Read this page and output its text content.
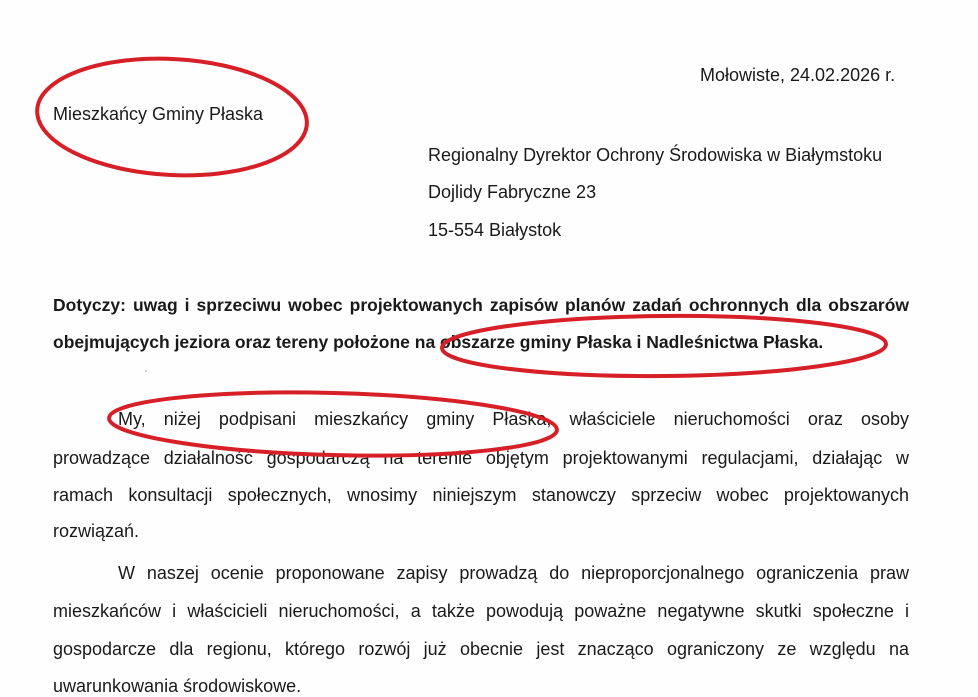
Mołowiste, 24.02.2026 r.
Mieszkańcy Gminy Płaska
Regionalny Dyrektor Ochrony Środowiska w Białymstoku
Dojlidy Fabryczne 23
15-554 Białystok
Dotyczy: uwag i sprzeciwu wobec projektowanych zapisów planów zadań ochronnych dla obszarów
obejmujących jeziora oraz tereny położone na obszarze gminy Płaska i Nadleśnictwa Płaska.
My, niżej podpisani mieszkańcy gminy Płaska, właściciele nieruchomości oraz osoby
prowadzące działalność gospodarczą na terenie objętym projektowanymi regulacjami, działając w
ramach konsultacji społecznych, wnosimy niniejszym stanowczy sprzeciw wobec projektowanych
rozwiązań.
W naszej ocenie proponowane zapisy prowadzą do nieproporcjonalnego ograniczenia praw
mieszkańców i właścicieli nieruchomości, a także powodują poważne negatywne skutki społeczne i
gospodarcze dla regionu, którego rozwój już obecnie jest znacząco ograniczony ze względu na
uwarunkowania środowiskowe.
